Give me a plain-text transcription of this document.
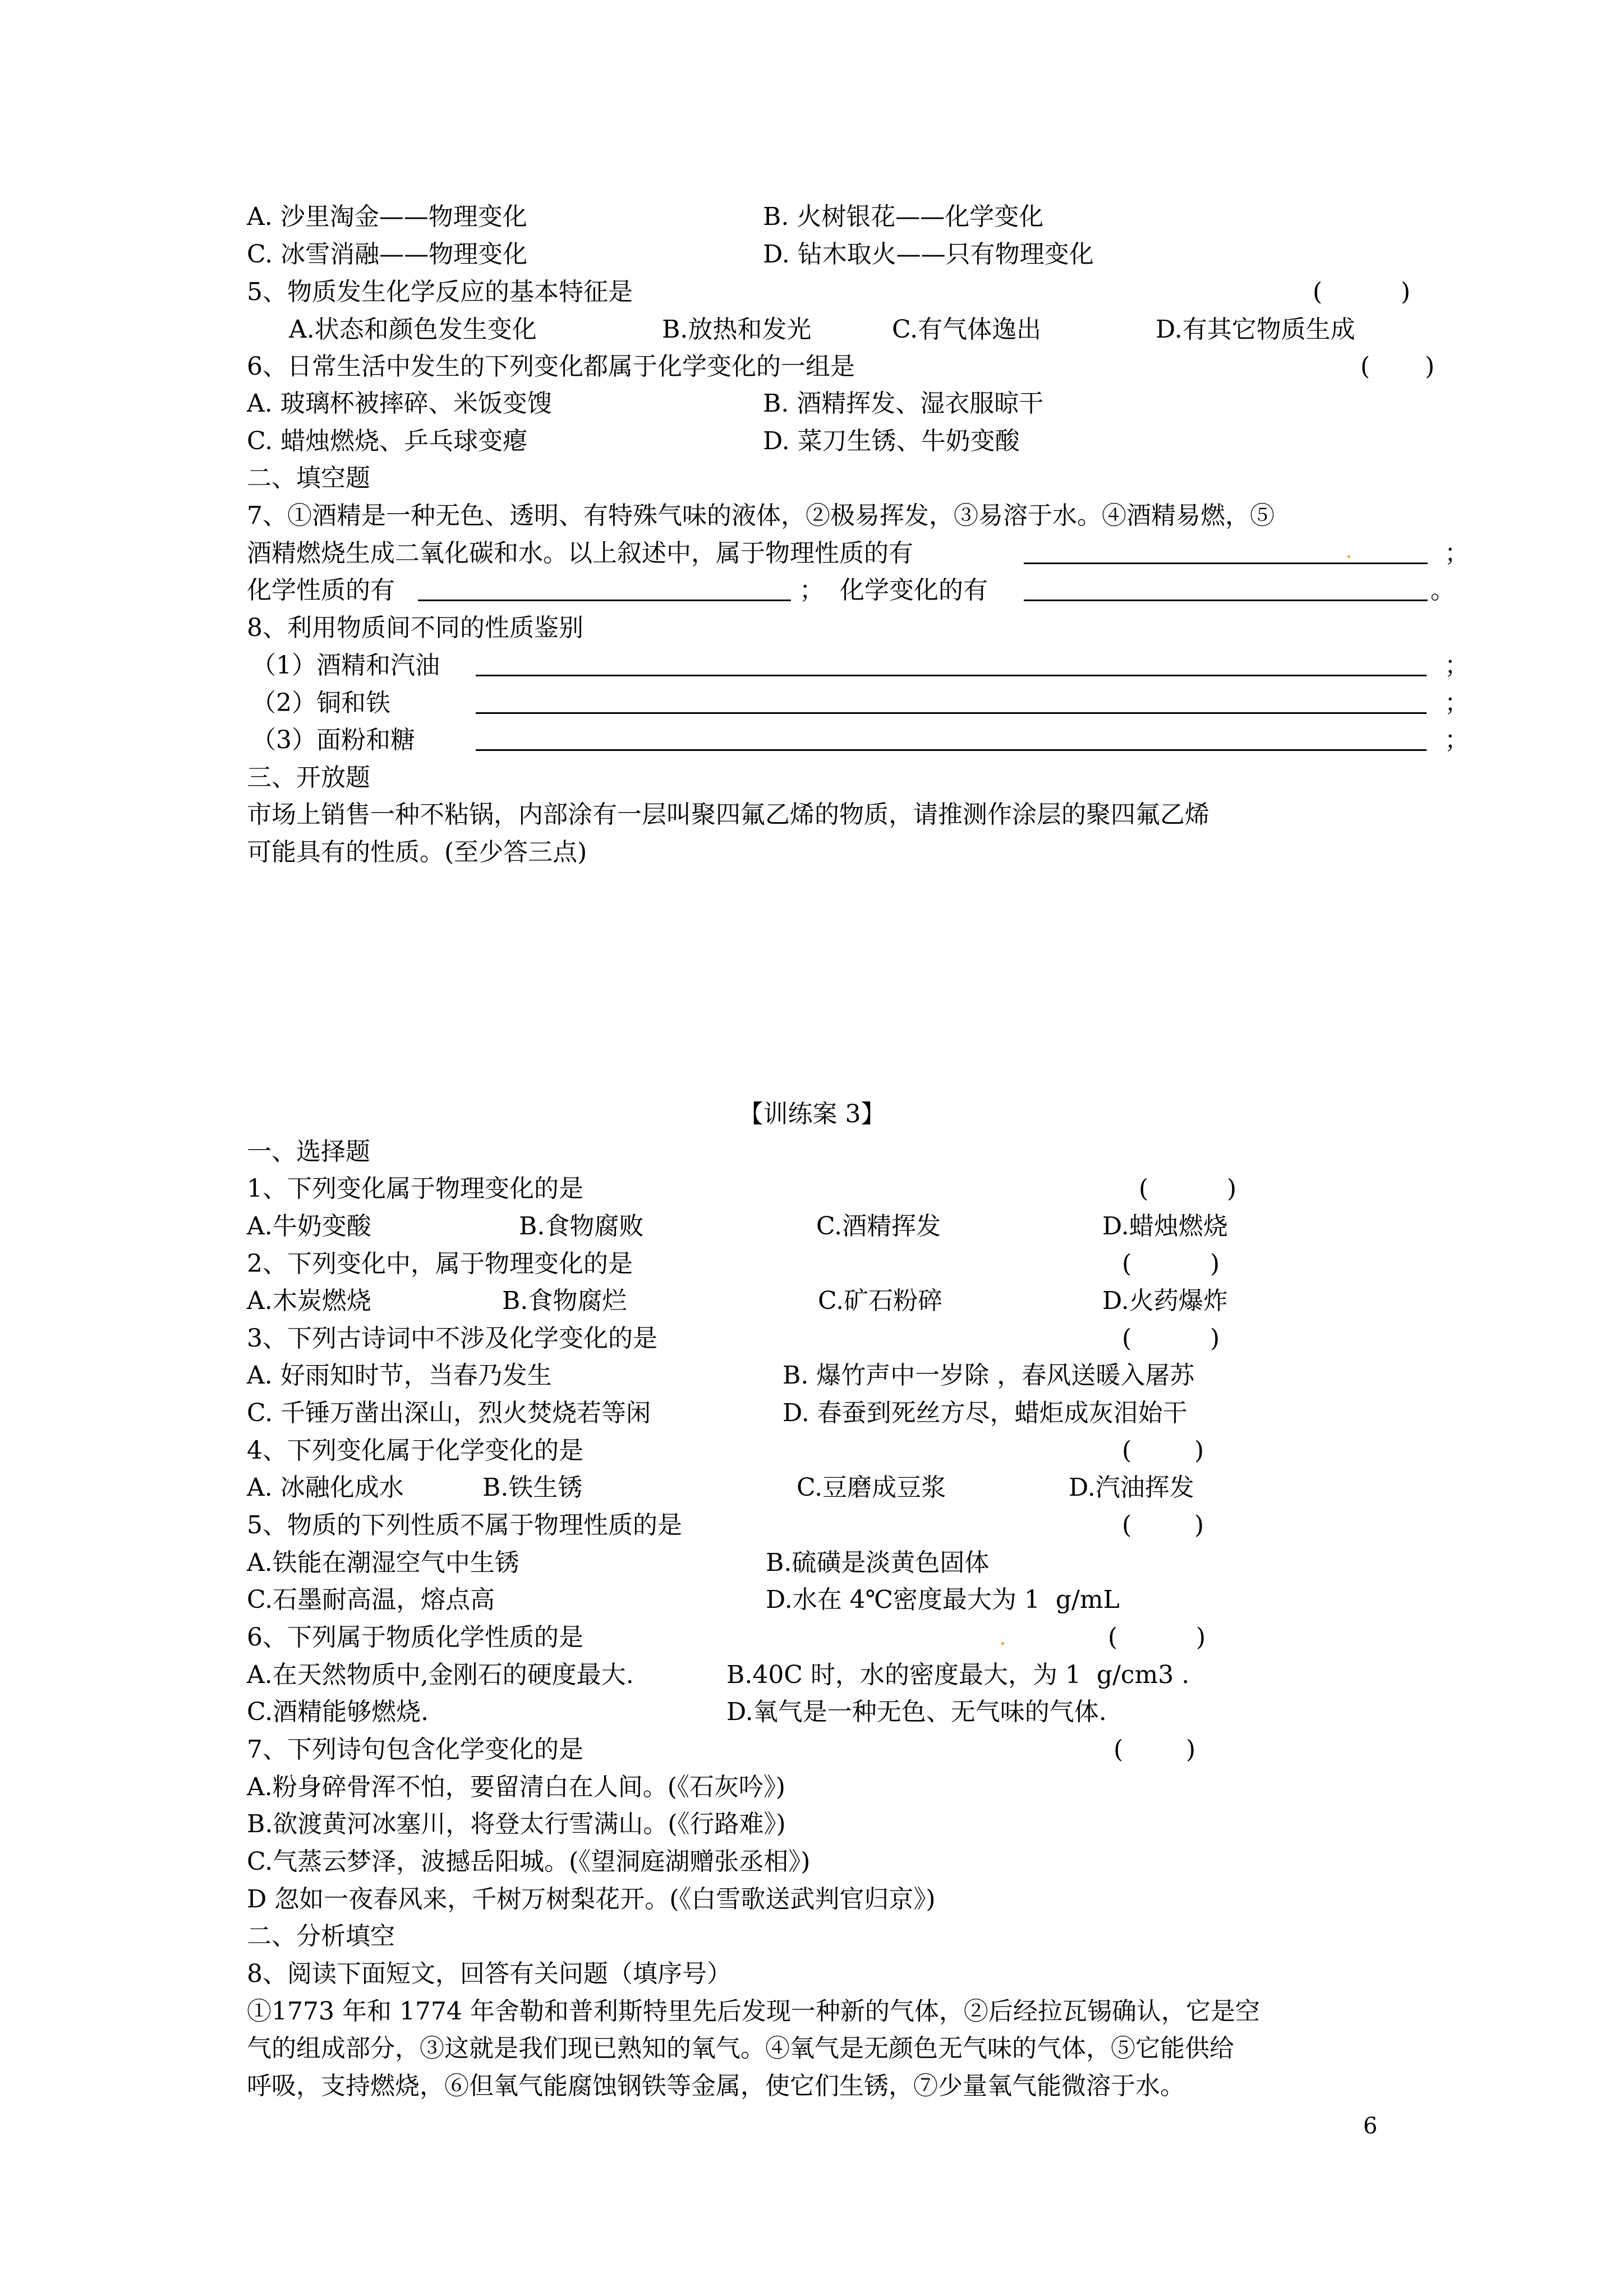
A. 沙里淘金——物理变化	B. 火树银花——化学变化
C. 冰雪消融——物理变化	D. 钻木取火——只有物理变化
5、物质发生化学反应的基本特征是	(          )
A.状态和颜色发生变化	B.放热和发光	C.有气体逸出	D.有其它物质生成
6、日常生活中发生的下列变化都属于化学变化的一组是	(       )
A. 玻璃杯被摔碎、米饭变馊	B. 酒精挥发、湿衣服晾干
C. 蜡烛燃烧、乒乓球变瘪	D. 菜刀生锈、牛奶变酸
二、填空题
7、①酒精是一种无色、透明、有特殊气味的液体，②极易挥发，③易溶于水。④酒精易燃，⑤
酒精燃烧生成二氧化碳和水。以上叙述中，属于物理性质的有	；
化学性质的有	；  化学变化的有	。
8、利用物质间不同的性质鉴别
（1）酒精和汽油	；
（2）铜和铁	；
（3）面粉和糖	；
三、开放题
市场上销售一种不粘锅，内部涂有一层叫聚四氟乙烯的物质，请推测作涂层的聚四氟乙烯
可能具有的性质。(至少答三点)
【训练案 3】
一、选择题
1、下列变化属于物理变化的是	(          )
A.牛奶变酸	B.食物腐败	C.酒精挥发	D.蜡烛燃烧
2、下列变化中，属于物理变化的是	(          )
A.木炭燃烧	B.食物腐烂	C.矿石粉碎	D.火药爆炸
3、下列古诗词中不涉及化学变化的是	(          )
A. 好雨知时节，当春乃发生	B. 爆竹声中一岁除 ，春风送暖入屠苏
C. 千锤万凿出深山，烈火焚烧若等闲	D. 春蚕到死丝方尽，蜡炬成灰泪始干
4、下列变化属于化学变化的是	(        )
A. 冰融化成水	B.铁生锈	C.豆磨成豆浆	D.汽油挥发
5、物质的下列性质不属于物理性质的是	(        )
A.铁能在潮湿空气中生锈	B.硫磺是淡黄色固体
C.石墨耐高温，熔点高	D.水在 4℃密度最大为 1  g/mL
6、下列属于物质化学性质的是	(          )
A.在天然物质中,金刚石的硬度最大.	B.40C 时，水的密度最大，为 1  g/cm3 .
C.酒精能够燃烧.	D.氧气是一种无色、无气味的气体.
7、下列诗句包含化学变化的是	(        )
A.粉身碎骨浑不怕，要留清白在人间。(《石灰吟》)
B.欲渡黄河冰塞川，将登太行雪满山。(《行路难》)
C.气蒸云梦泽，波撼岳阳城。(《望洞庭湖赠张丞相》)
D 忽如一夜春风来，千树万树梨花开。(《白雪歌送武判官归京》)
二、分析填空
8、阅读下面短文，回答有关问题（填序号）
①1773 年和 1774 年舍勒和普利斯特里先后发现一种新的气体，②后经拉瓦锡确认，它是空
气的组成部分，③这就是我们现已熟知的氧气。④氧气是无颜色无气味的气体，⑤它能供给
呼吸，支持燃烧，⑥但氧气能腐蚀钢铁等金属，使它们生锈，⑦少量氧气能微溶于水。
6
